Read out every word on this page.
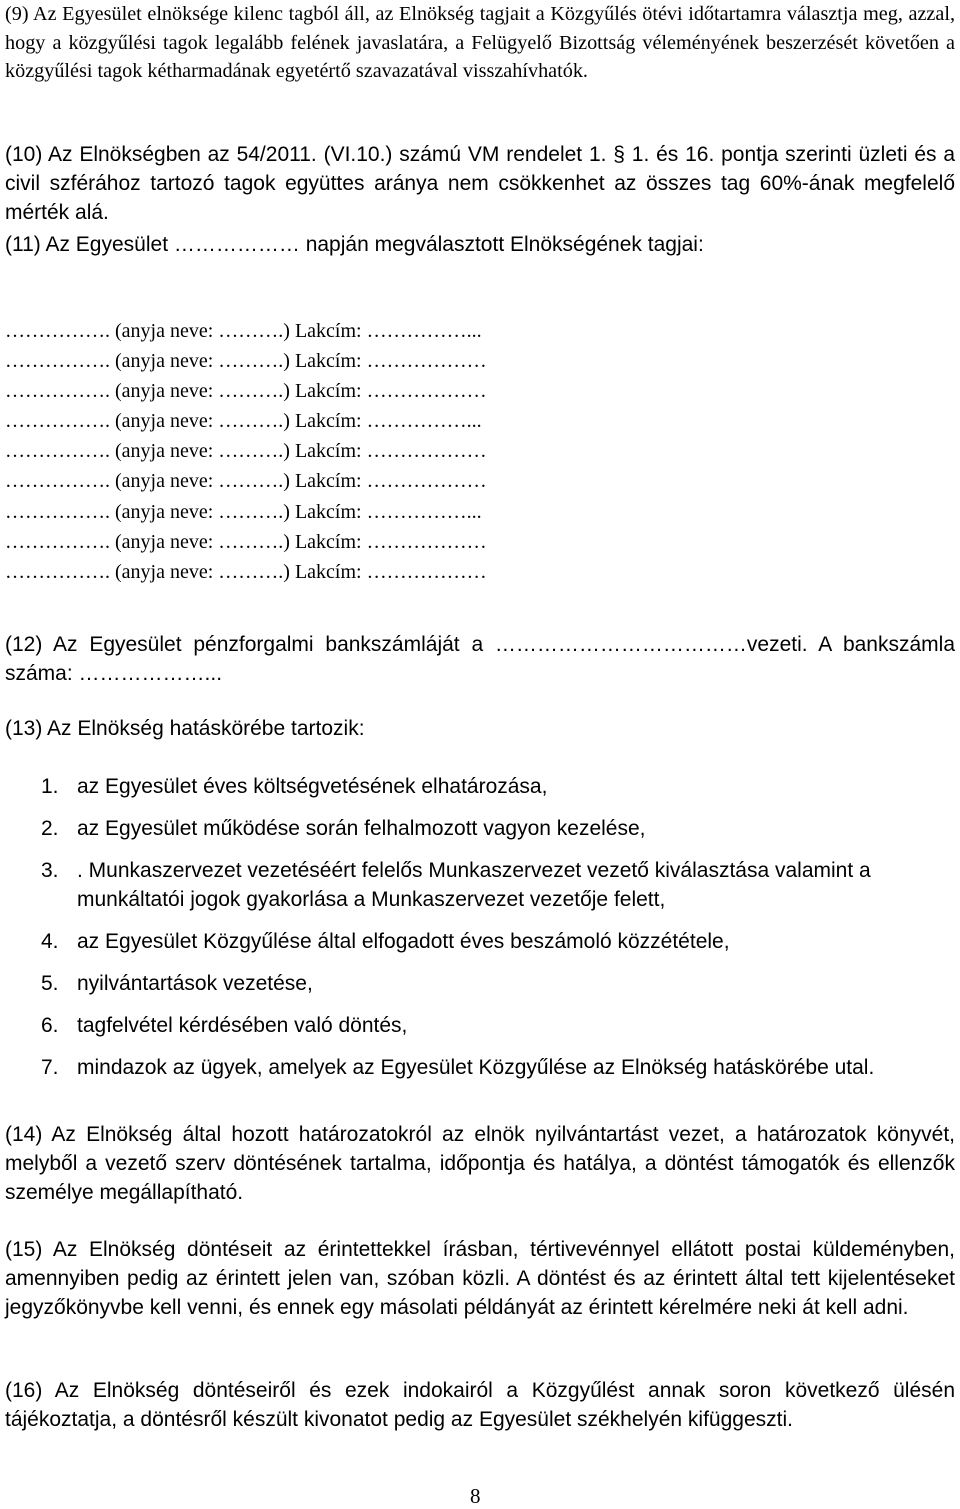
(9) Az Egyesület elnöksége kilenc tagból áll, az Elnökség tagjait a Közgyűlés ötévi időtartamra választja meg, azzal, hogy a közgyűlési tagok legalább felének javaslatára, a Felügyelő Bizottság véleményének beszerzését követően a közgyűlési tagok kétharmadának egyetértő szavazatával visszahívhatók.

(10) Az Elnökségben az 54/2011. (VI.10.) számú VM rendelet 1. § 1. és 16. pontja szerinti üzleti és a civil szférához tartozó tagok együttes aránya nem csökkenhet az összes tag 60%-ának megfelelő mérték alá.

(11) Az Egyesület ……………… napján megválasztott Elnökségének tagjai:

……………. (anyja neve: ……….) Lakcím: ……………...
……………. (anyja neve: ……….) Lakcím: ………………
……………. (anyja neve: ……….) Lakcím: ………………
……………. (anyja neve: ……….) Lakcím: ……………...
……………. (anyja neve: ……….) Lakcím: ………………
……………. (anyja neve: ……….) Lakcím: ………………
……………. (anyja neve: ……….) Lakcím: ……………...
……………. (anyja neve: ……….) Lakcím: ………………
……………. (anyja neve: ……….) Lakcím: ………………

(12) Az Egyesület pénzforgalmi bankszámláját a ………………………………vezeti. A bankszámla száma: ………………...

(13) Az Elnökség hatáskörébe tartozik:

1. az Egyesület éves költségvetésének elhatározása,
2. az Egyesület működése során felhalmozott vagyon kezelése,
3. . Munkaszervezet vezetéséért felelős Munkaszervezet vezető kiválasztása valamint a munkáltatói jogok gyakorlása a Munkaszervezet vezetője felett,
4. az Egyesület Közgyűlése által elfogadott éves beszámoló közzététele,
5. nyilvántartások vezetése,
6. tagfelvétel kérdésében való döntés,
7. mindazok az ügyek, amelyek az Egyesület Közgyűlése az Elnökség hatáskörébe utal.

(14) Az Elnökség által hozott határozatokról az elnök nyilvántartást vezet, a határozatok könyvét, melyből a vezető szerv döntésének tartalma, időpontja és hatálya, a döntést támogatók és ellenzők személye megállapítható.

(15) Az Elnökség döntéseit az érintettekkel írásban, tértivevénnyel ellátott postai küldeményben, amennyiben pedig az érintett jelen van, szóban közli. A döntést és az érintett által tett kijelentéseket jegyzőkönyvbe kell venni, és ennek egy másolati példányát az érintett kérelmére neki át kell adni.

(16) Az Elnökség döntéseiről és ezek indokairól a Közgyűlést annak soron következő ülésén tájékoztatja, a döntésről készült kivonatot pedig az Egyesület székhelyén kifüggeszti.

8
